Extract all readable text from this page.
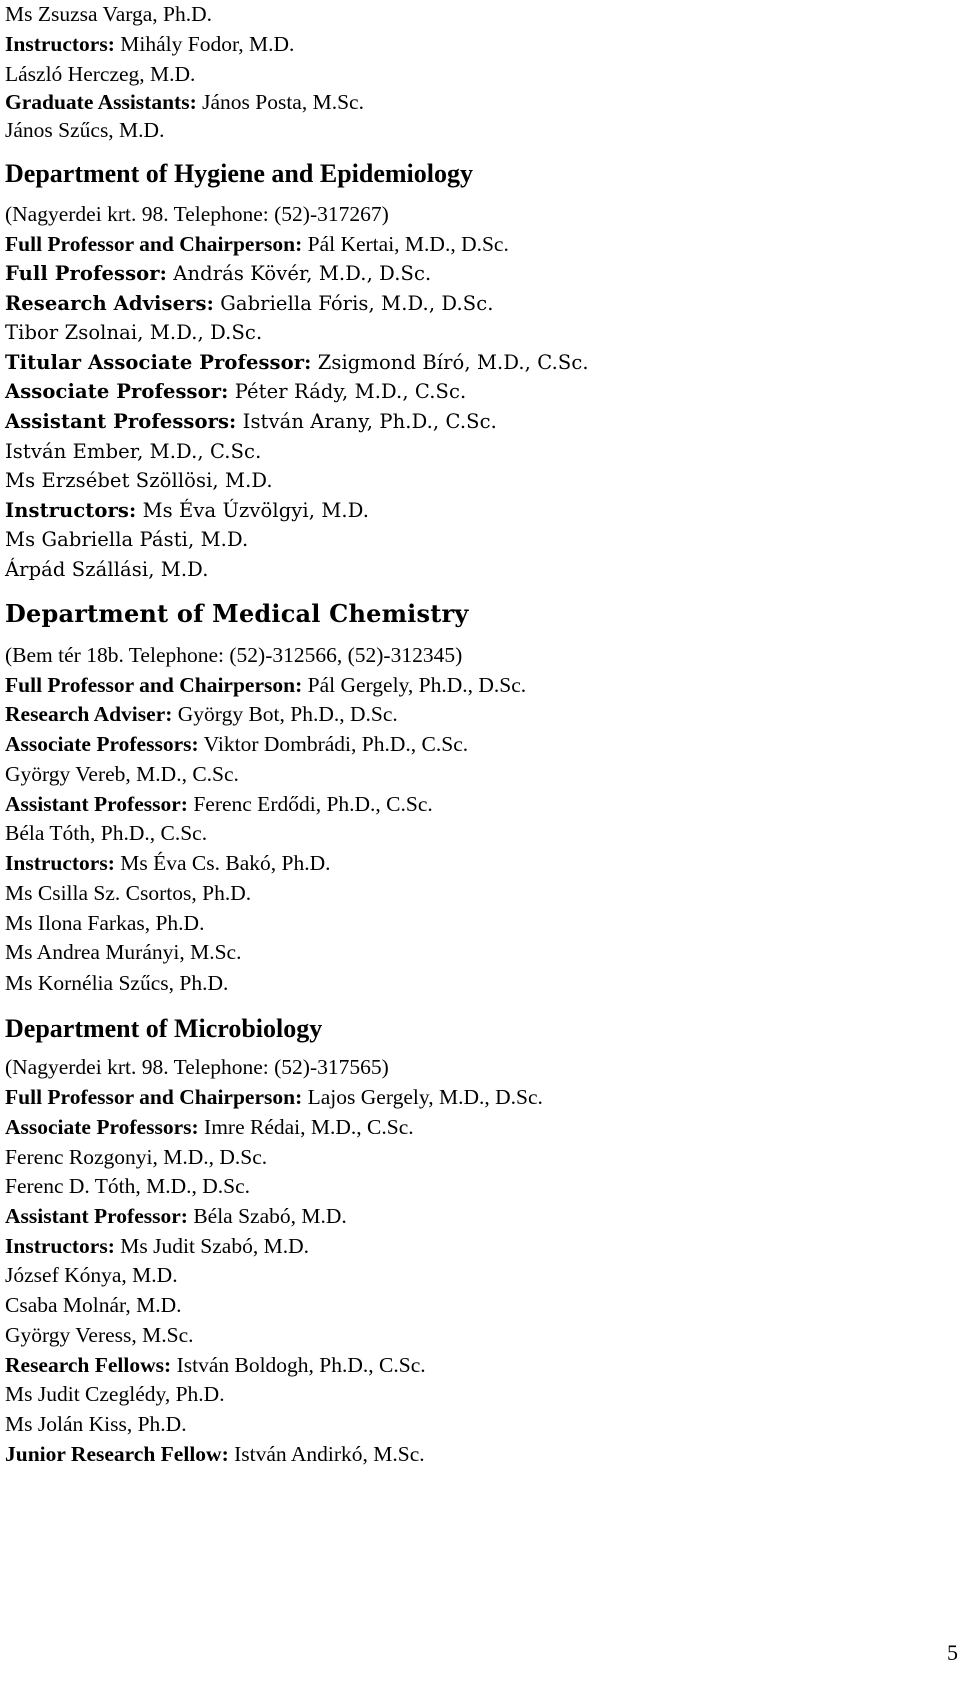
Ms Zsuzsa Varga, Ph.D.
Instructors: Mihály Fodor, M.D.
László Herczeg, M.D.
Graduate Assistants: János Posta, M.Sc.
János Szűcs, M.D.
Department of Hygiene and Epidemiology
(Nagyerdei krt. 98. Telephone: (52)-317267)
Full Professor and Chairperson: Pál Kertai, M.D., D.Sc.
Full Professor: András Kövér, M.D., D.Sc.
Research Advisers: Gabriella Fóris, M.D., D.Sc.
Tibor Zsolnai, M.D., D.Sc.
Titular Associate Professor: Zsigmond Bíró, M.D., C.Sc.
Associate Professor: Péter Rády, M.D., C.Sc.
Assistant Professors: István Arany, Ph.D., C.Sc.
István Ember, M.D., C.Sc.
Ms Erzsébet Szöllösi, M.D.
Instructors: Ms Éva Úzvölgyi, M.D.
Ms Gabriella Pásti, M.D.
Árpád Szállási, M.D.
Department of Medical Chemistry
(Bem tér 18b. Telephone: (52)-312566, (52)-312345)
Full Professor and Chairperson: Pál Gergely, Ph.D., D.Sc.
Research Adviser: György Bot, Ph.D., D.Sc.
Associate Professors: Viktor Dombrádi, Ph.D., C.Sc.
György Vereb, M.D., C.Sc.
Assistant Professor: Ferenc Erdődi, Ph.D., C.Sc.
Béla Tóth, Ph.D., C.Sc.
Instructors: Ms Éva Cs. Bakó, Ph.D.
Ms Csilla Sz. Csortos, Ph.D.
Ms Ilona Farkas, Ph.D.
Ms Andrea Murányi, M.Sc.
Ms Kornélia Szűcs, Ph.D.
Department of Microbiology
(Nagyerdei krt. 98. Telephone: (52)-317565)
Full Professor and Chairperson: Lajos Gergely, M.D., D.Sc.
Associate Professors: Imre Rédai, M.D., C.Sc.
Ferenc Rozgonyi, M.D., D.Sc.
Ferenc D. Tóth, M.D., D.Sc.
Assistant Professor: Béla Szabó, M.D.
Instructors: Ms Judit Szabó, M.D.
József Kónya, M.D.
Csaba Molnár, M.D.
György Veress, M.Sc.
Research Fellows: István Boldogh, Ph.D., C.Sc.
Ms Judit Czeglédy, Ph.D.
Ms Jolán Kiss, Ph.D.
Junior Research Fellow: István Andirkó, M.Sc.
5
